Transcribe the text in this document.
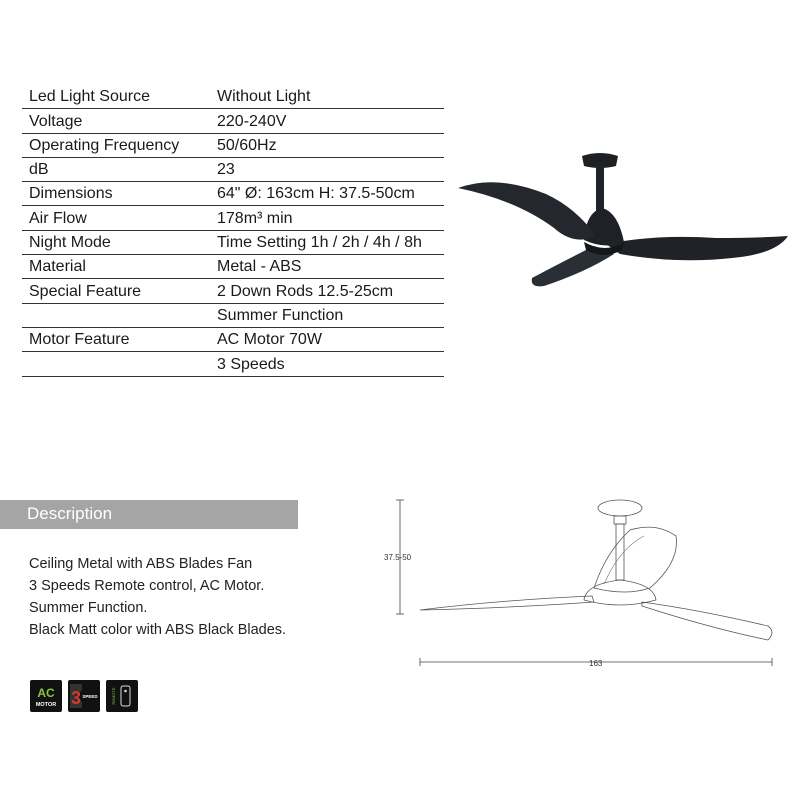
Led Light Source	Without Light
Voltage	220-240V
Operating Frequency	50/60Hz
dB	23
Dimensions	64" Ø: 163cm H: 37.5-50cm
Air Flow	178m³ min
Night Mode	Time Setting 1h / 2h / 4h / 8h
Material	Metal - ABS
Special Feature	2 Down Rods 12.5-25cm
	Summer Function
Motor Feature	AC Motor 70W
	3 Speeds
Description
Ceiling Metal with ABS Blades Fan
3 Speeds Remote control, AC Motor.
Summer Function.
Black Matt color with ABS Black Blades.
37.5-50
163
AC
MOTOR 3 SPEED	REMOTE
